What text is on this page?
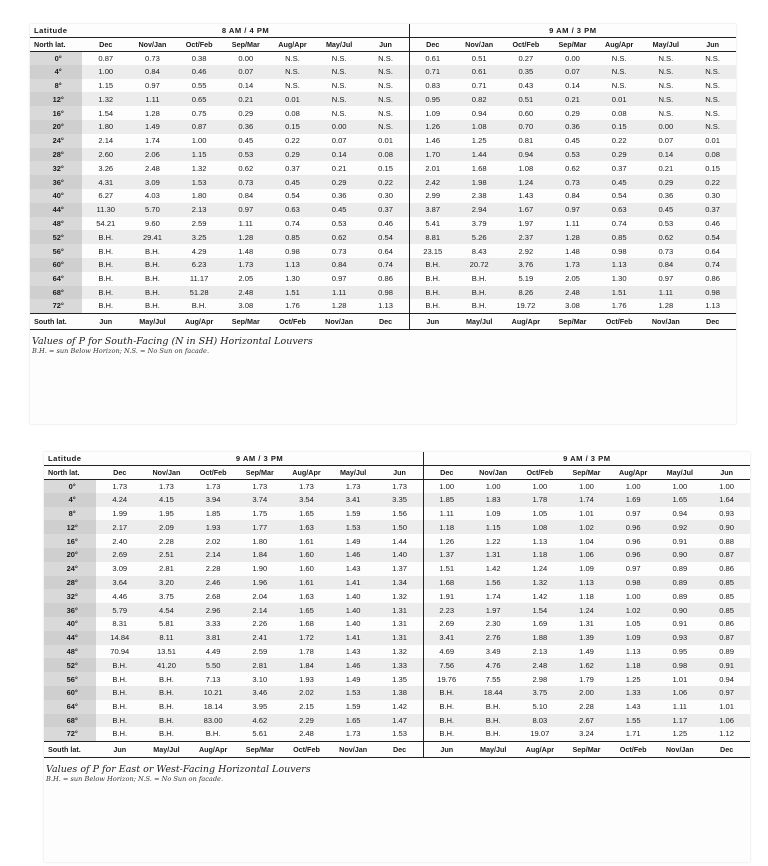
Latitude	8 AM / 4 PM							9 AM / 3 PM						
North lat.	Dec	Nov/Jan	Oct/Feb	Sep/Mar	Aug/Apr	May/Jul	Jun	Dec	Nov/Jan	Oct/Feb	Sep/Mar	Aug/Apr	May/Jul	Jun
0°	0.87	0.73	0.38	0.00	N.S.	N.S.	N.S.	0.61	0.51	0.27	0.00	N.S.	N.S.	N.S.
4°	1.00	0.84	0.46	0.07	N.S.	N.S.	N.S.	0.71	0.61	0.35	0.07	N.S.	N.S.	N.S.
8°	1.15	0.97	0.55	0.14	N.S.	N.S.	N.S.	0.83	0.71	0.43	0.14	N.S.	N.S.	N.S.
12°	1.32	1.11	0.65	0.21	0.01	N.S.	N.S.	0.95	0.82	0.51	0.21	0.01	N.S.	N.S.
16°	1.54	1.28	0.75	0.29	0.08	N.S.	N.S.	1.09	0.94	0.60	0.29	0.08	N.S.	N.S.
20°	1.80	1.49	0.87	0.36	0.15	0.00	N.S.	1.26	1.08	0.70	0.36	0.15	0.00	N.S.
24°	2.14	1.74	1.00	0.45	0.22	0.07	0.01	1.46	1.25	0.81	0.45	0.22	0.07	0.01
28°	2.60	2.06	1.15	0.53	0.29	0.14	0.08	1.70	1.44	0.94	0.53	0.29	0.14	0.08
32°	3.26	2.48	1.32	0.62	0.37	0.21	0.15	2.01	1.68	1.08	0.62	0.37	0.21	0.15
36°	4.31	3.09	1.53	0.73	0.45	0.29	0.22	2.42	1.98	1.24	0.73	0.45	0.29	0.22
40°	6.27	4.03	1.80	0.84	0.54	0.36	0.30	2.99	2.38	1.43	0.84	0.54	0.36	0.30
44°	11.30	5.70	2.13	0.97	0.63	0.45	0.37	3.87	2.94	1.67	0.97	0.63	0.45	0.37
48°	54.21	9.60	2.59	1.11	0.74	0.53	0.46	5.41	3.79	1.97	1.11	0.74	0.53	0.46
52°	B.H.	29.41	3.25	1.28	0.85	0.62	0.54	8.81	5.26	2.37	1.28	0.85	0.62	0.54
56°	B.H.	B.H.	4.29	1.48	0.98	0.73	0.64	23.15	8.43	2.92	1.48	0.98	0.73	0.64
60°	B.H.	B.H.	6.23	1.73	1.13	0.84	0.74	B.H.	20.72	3.76	1.73	1.13	0.84	0.74
64°	B.H.	B.H.	11.17	2.05	1.30	0.97	0.86	B.H.	B.H.	5.19	2.05	1.30	0.97	0.86
68°	B.H.	B.H.	51.28	2.48	1.51	1.11	0.98	B.H.	B.H.	8.26	2.48	1.51	1.11	0.98
72°	B.H.	B.H.	B.H.	3.08	1.76	1.28	1.13	B.H.	B.H.	19.72	3.08	1.76	1.28	1.13
South lat.	Jun	May/Jul	Aug/Apr	Sep/Mar	Oct/Feb	Nov/Jan	Dec	Jun	May/Jul	Aug/Apr	Sep/Mar	Oct/Feb	Nov/Jan	Dec
Values of P for South-Facing (N in SH) Horizontal Louvers
B.H. = sun Below Horizon; N.S. = No Sun on facade.
Latitude	9 AM / 3 PM							9 AM / 3 PM						
North lat.	Dec	Nov/Jan	Oct/Feb	Sep/Mar	Aug/Apr	May/Jul	Jun	Dec	Nov/Jan	Oct/Feb	Sep/Mar	Aug/Apr	May/Jul	Jun
0°	1.73	1.73	1.73	1.73	1.73	1.73	1.73	1.00	1.00	1.00	1.00	1.00	1.00	1.00
4°	4.24	4.15	3.94	3.74	3.54	3.41	3.35	1.85	1.83	1.78	1.74	1.69	1.65	1.64
8°	1.99	1.95	1.85	1.75	1.65	1.59	1.56	1.11	1.09	1.05	1.01	0.97	0.94	0.93
12°	2.17	2.09	1.93	1.77	1.63	1.53	1.50	1.18	1.15	1.08	1.02	0.96	0.92	0.90
16°	2.40	2.28	2.02	1.80	1.61	1.49	1.44	1.26	1.22	1.13	1.04	0.96	0.91	0.88
20°	2.69	2.51	2.14	1.84	1.60	1.46	1.40	1.37	1.31	1.18	1.06	0.96	0.90	0.87
24°	3.09	2.81	2.28	1.90	1.60	1.43	1.37	1.51	1.42	1.24	1.09	0.97	0.89	0.86
28°	3.64	3.20	2.46	1.96	1.61	1.41	1.34	1.68	1.56	1.32	1.13	0.98	0.89	0.85
32°	4.46	3.75	2.68	2.04	1.63	1.40	1.32	1.91	1.74	1.42	1.18	1.00	0.89	0.85
36°	5.79	4.54	2.96	2.14	1.65	1.40	1.31	2.23	1.97	1.54	1.24	1.02	0.90	0.85
40°	8.31	5.81	3.33	2.26	1.68	1.40	1.31	2.69	2.30	1.69	1.31	1.05	0.91	0.86
44°	14.84	8.11	3.81	2.41	1.72	1.41	1.31	3.41	2.76	1.88	1.39	1.09	0.93	0.87
48°	70.94	13.51	4.49	2.59	1.78	1.43	1.32	4.69	3.49	2.13	1.49	1.13	0.95	0.89
52°	B.H.	41.20	5.50	2.81	1.84	1.46	1.33	7.56	4.76	2.48	1.62	1.18	0.98	0.91
56°	B.H.	B.H.	7.13	3.10	1.93	1.49	1.35	19.76	7.55	2.98	1.79	1.25	1.01	0.94
60°	B.H.	B.H.	10.21	3.46	2.02	1.53	1.38	B.H.	18.44	3.75	2.00	1.33	1.06	0.97
64°	B.H.	B.H.	18.14	3.95	2.15	1.59	1.42	B.H.	B.H.	5.10	2.28	1.43	1.11	1.01
68°	B.H.	B.H.	83.00	4.62	2.29	1.65	1.47	B.H.	B.H.	8.03	2.67	1.55	1.17	1.06
72°	B.H.	B.H.	B.H.	5.61	2.48	1.73	1.53	B.H.	B.H.	19.07	3.24	1.71	1.25	1.12
South lat.	Jun	May/Jul	Aug/Apr	Sep/Mar	Oct/Feb	Nov/Jan	Dec	Jun	May/Jul	Aug/Apr	Sep/Mar	Oct/Feb	Nov/Jan	Dec
Values of P for East or West-Facing Horizontal Louvers
B.H. = sun Below Horizon; N.S. = No Sun on facade.
